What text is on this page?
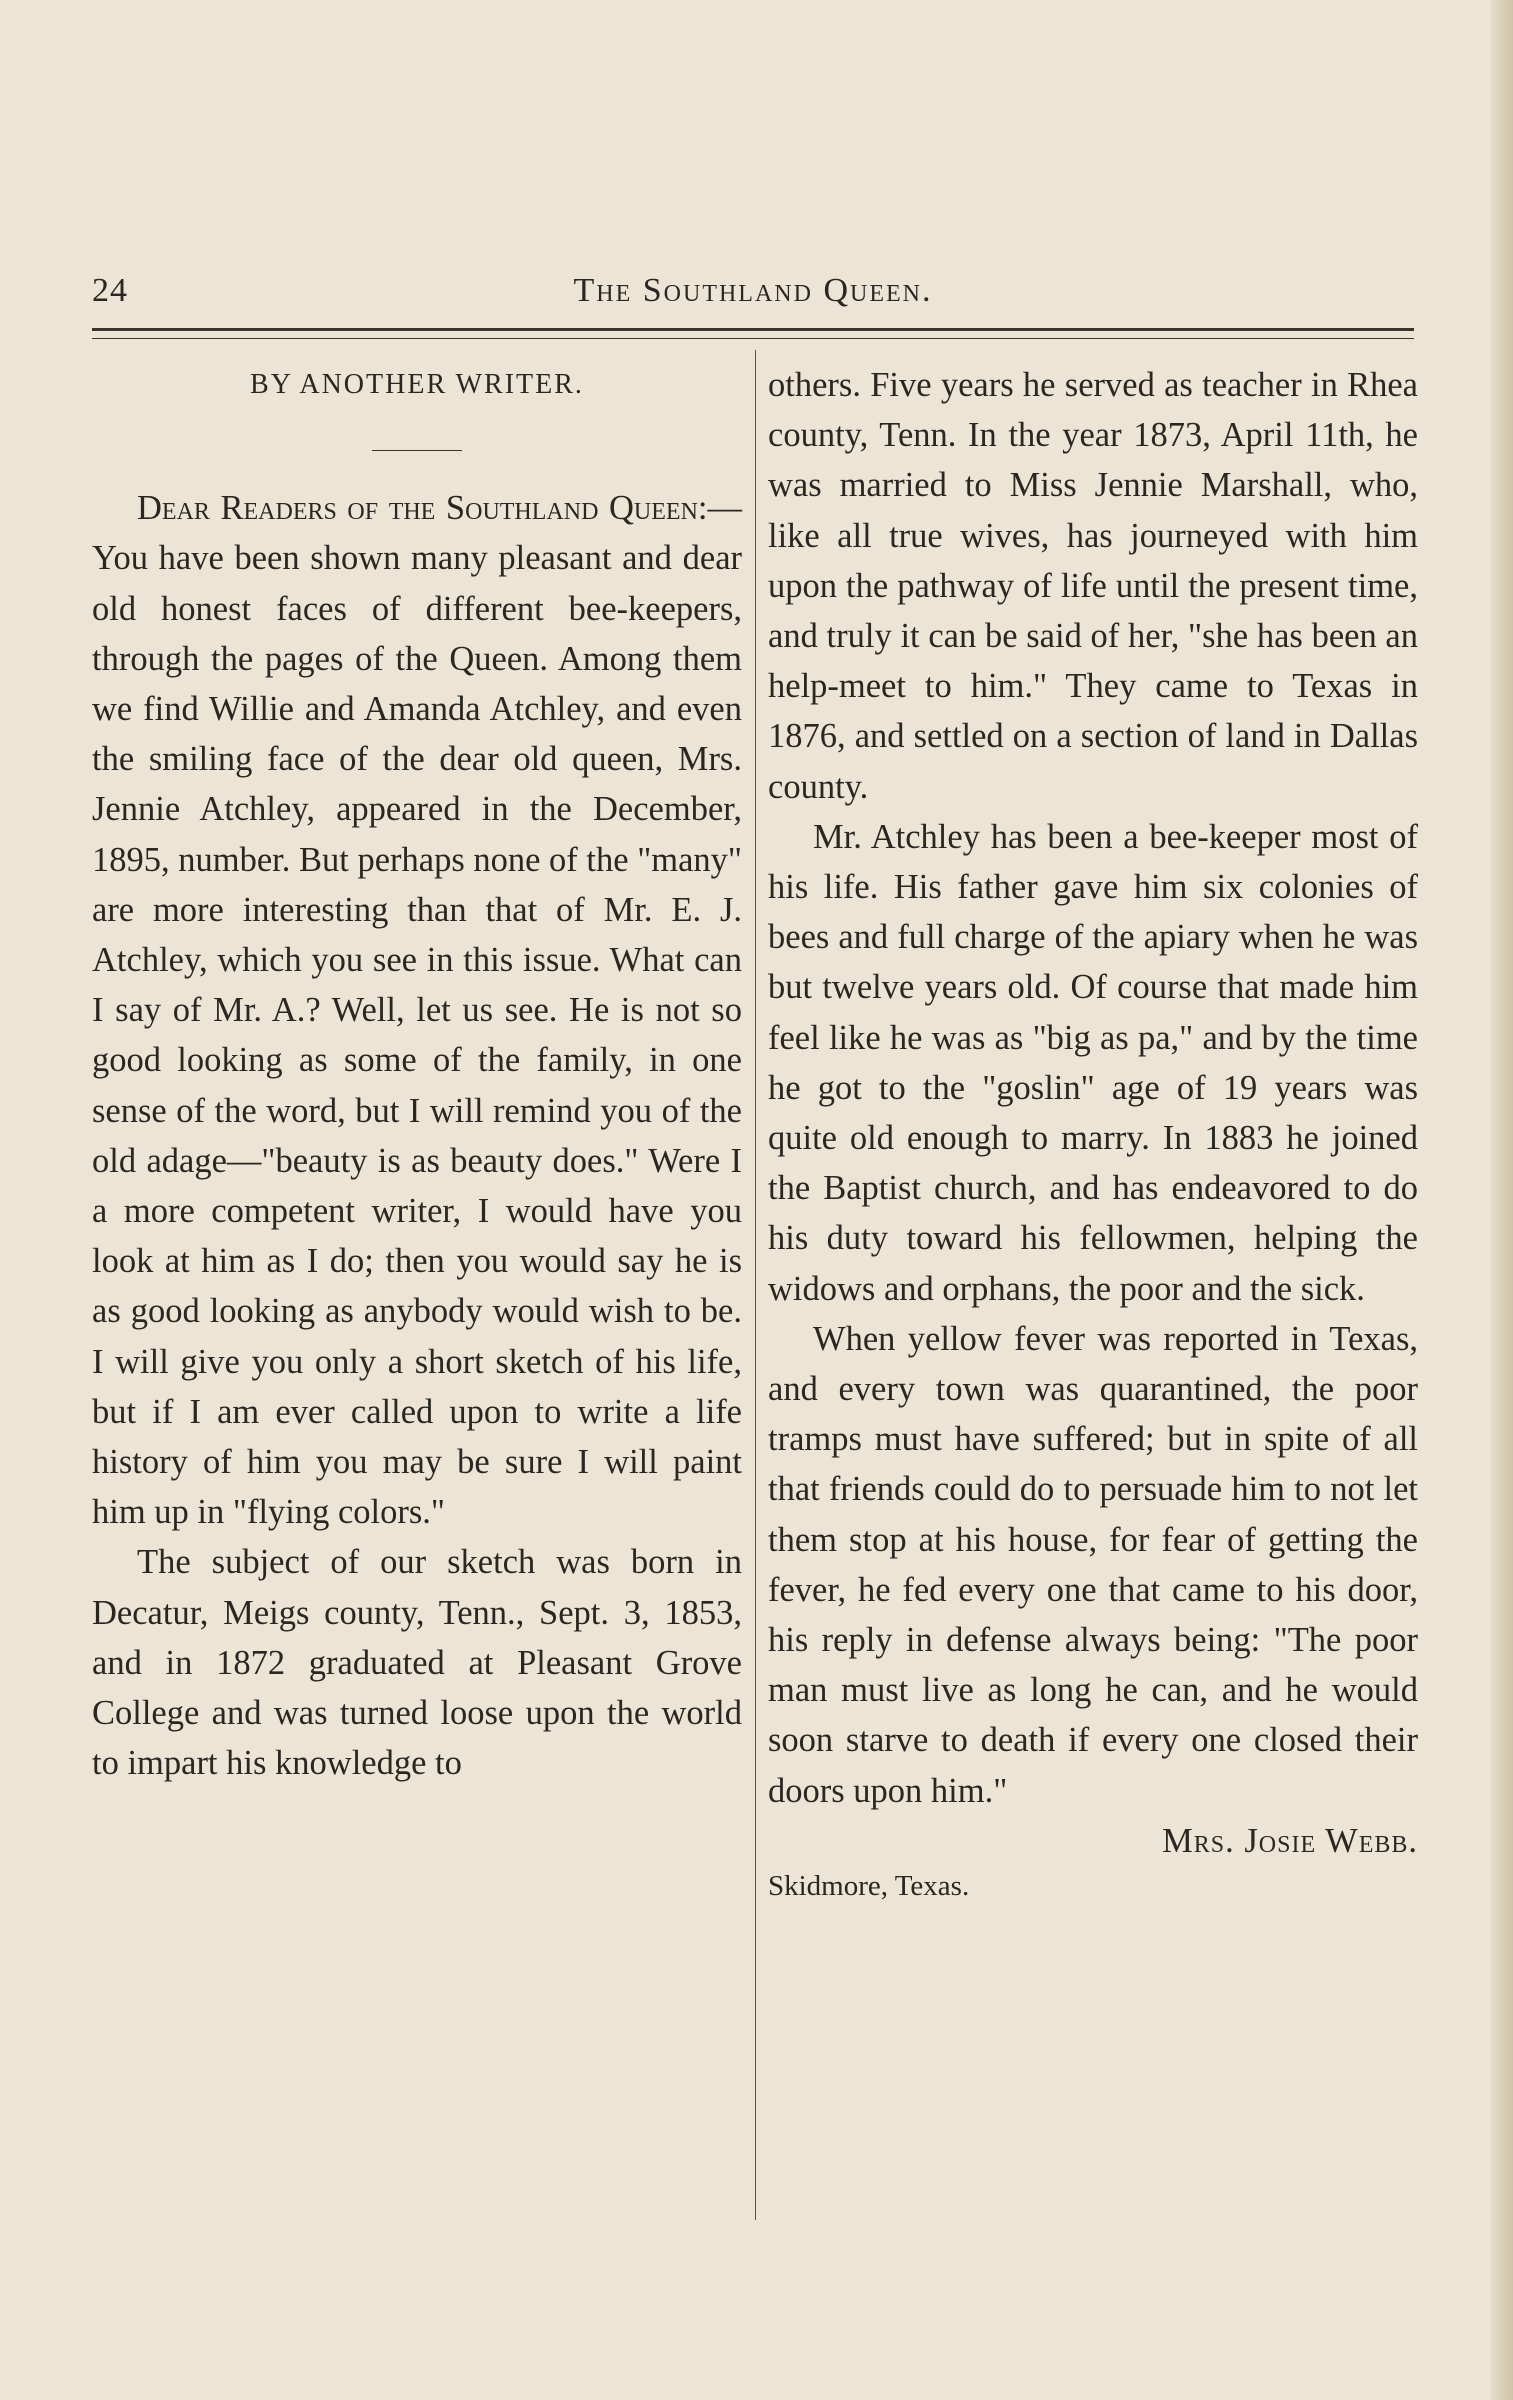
The Southland Queen.
24

BY ANOTHER WRITER.

Dear Readers of the Southland Queen:—You have been shown many pleasant and dear old honest faces of different bee-keepers, through the pages of the Queen. Among them we find Willie and Amanda Atchley, and even the smiling face of the dear old queen, Mrs. Jennie Atchley, appeared in the December, 1895, number. But perhaps none of the "many" are more interesting than that of Mr. E. J. Atchley, which you see in this issue. What can I say of Mr. A.? Well, let us see. He is not so good looking as some of the family, in one sense of the word, but I will remind you of the old adage—"beauty is as beauty does." Were I a more competent writer, I would have you look at him as I do; then you would say he is as good looking as anybody would wish to be. I will give you only a short sketch of his life, but if I am ever called upon to write a life history of him you may be sure I will paint him up in "flying colors."

The subject of our sketch was born in Decatur, Meigs county, Tenn., Sept. 3, 1853, and in 1872 graduated at Pleasant Grove College and was turned loose upon the world to impart his knowledge to

others. Five years he served as teacher in Rhea county, Tenn. In the year 1873, April 11th, he was married to Miss Jennie Marshall, who, like all true wives, has journeyed with him upon the pathway of life until the present time, and truly it can be said of her, "she has been an help-meet to him." They came to Texas in 1876, and settled on a section of land in Dallas county.

Mr. Atchley has been a bee-keeper most of his life. His father gave him six colonies of bees and full charge of the apiary when he was but twelve years old. Of course that made him feel like he was as "big as pa," and by the time he got to the "goslin" age of 19 years was quite old enough to marry. In 1883 he joined the Baptist church, and has endeavored to do his duty toward his fellowmen, helping the widows and orphans, the poor and the sick.

When yellow fever was reported in Texas, and every town was quarantined, the poor tramps must have suffered; but in spite of all that friends could do to persuade him to not let them stop at his house, for fear of getting the fever, he fed every one that came to his door, his reply in defense always being: "The poor man must live as long he can, and he would soon starve to death if every one closed their doors upon him."

Mrs. Josie Webb.

Skidmore, Texas.
